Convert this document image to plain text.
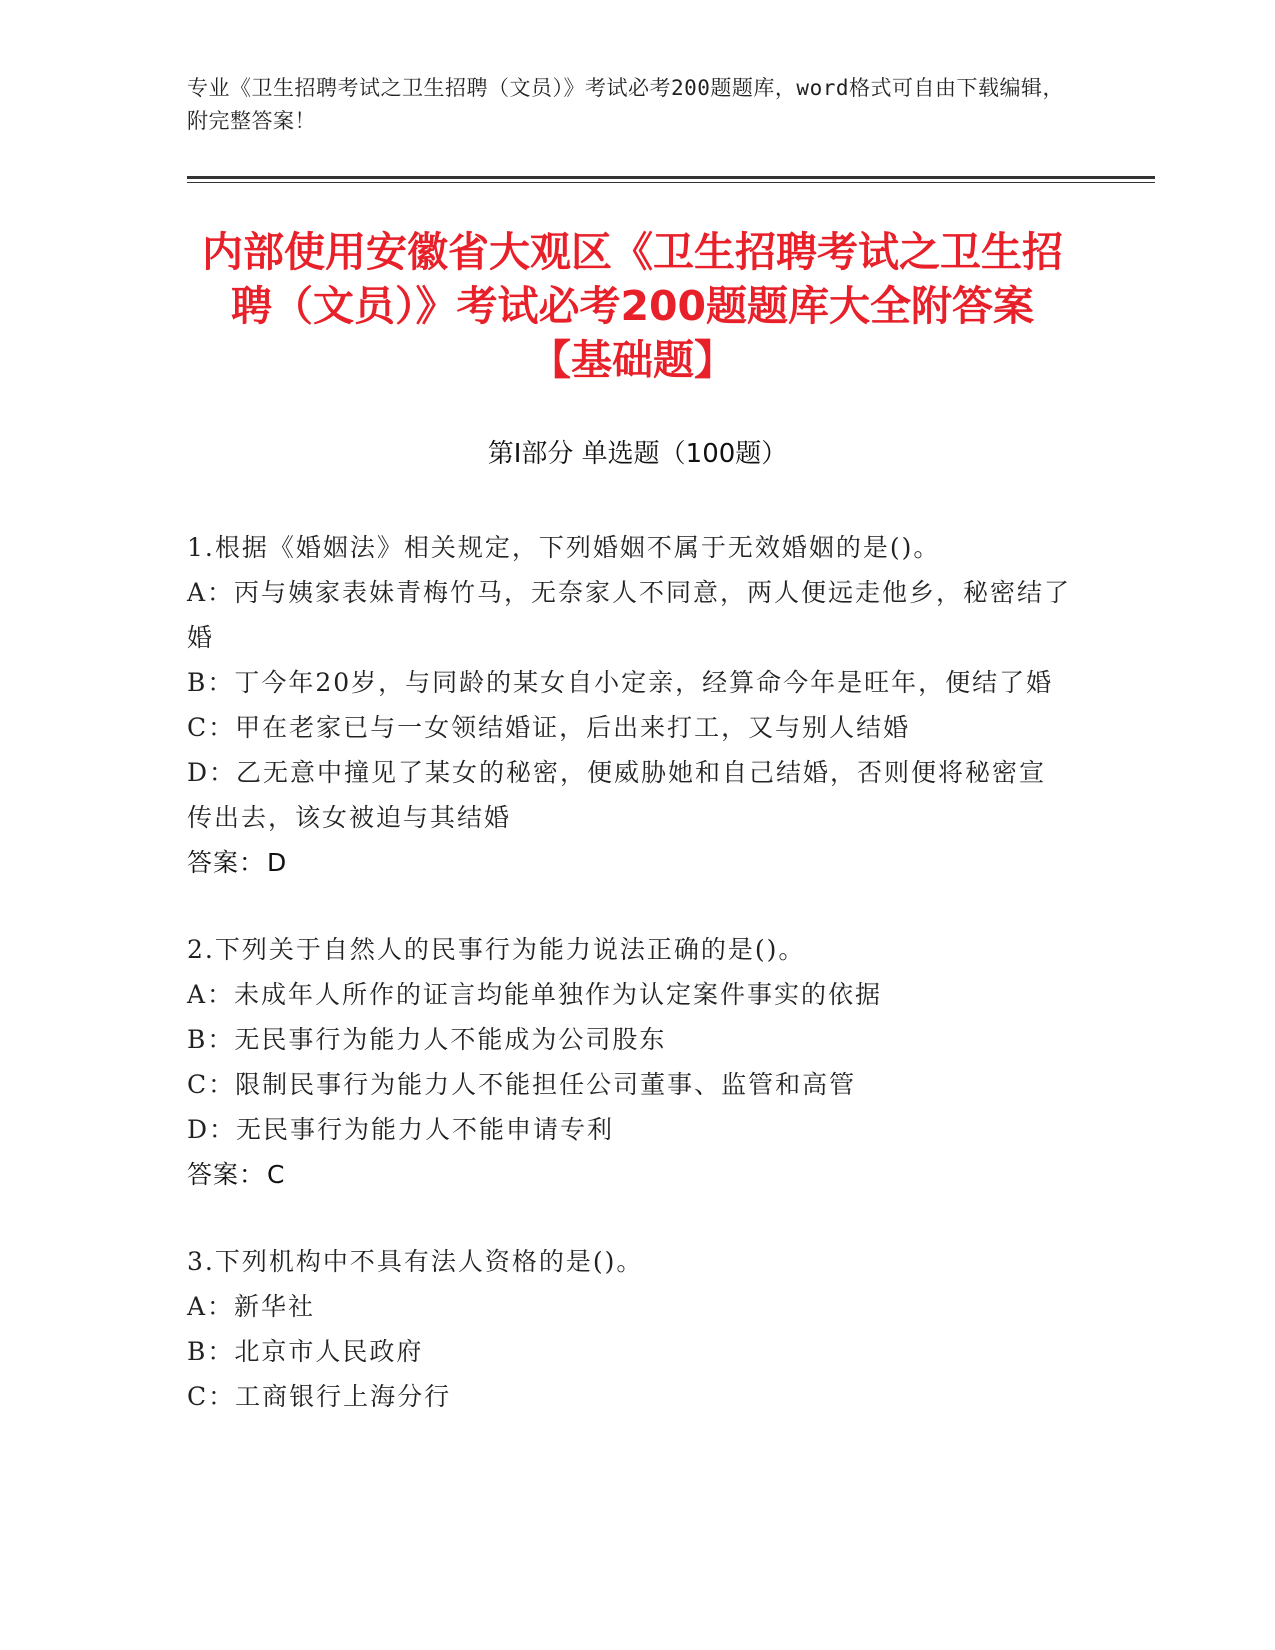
专业《卫生招聘考试之卫生招聘（文员）》考试必考200题题库，word格式可自由下载编辑，附完整答案！
内部使用安徽省大观区《卫生招聘考试之卫生招聘（文员）》考试必考200题题库大全附答案【基础题】
第Ⅰ部分 单选题（100题）
1.根据《婚姻法》相关规定，下列婚姻不属于无效婚姻的是()。
A：丙与姨家表妹青梅竹马，无奈家人不同意，两人便远走他乡，秘密结了婚
B：丁今年20岁，与同龄的某女自小定亲，经算命今年是旺年，便结了婚
C：甲在老家已与一女领结婚证，后出来打工，又与别人结婚
D：乙无意中撞见了某女的秘密，便威胁她和自己结婚，否则便将秘密宣传出去，该女被迫与其结婚
答案：D
2.下列关于自然人的民事行为能力说法正确的是()。
A：未成年人所作的证言均能单独作为认定案件事实的依据
B：无民事行为能力人不能成为公司股东
C：限制民事行为能力人不能担任公司董事、监管和高管
D：无民事行为能力人不能申请专利
答案：C
3.下列机构中不具有法人资格的是()。
A：新华社
B：北京市人民政府
C：工商银行上海分行
